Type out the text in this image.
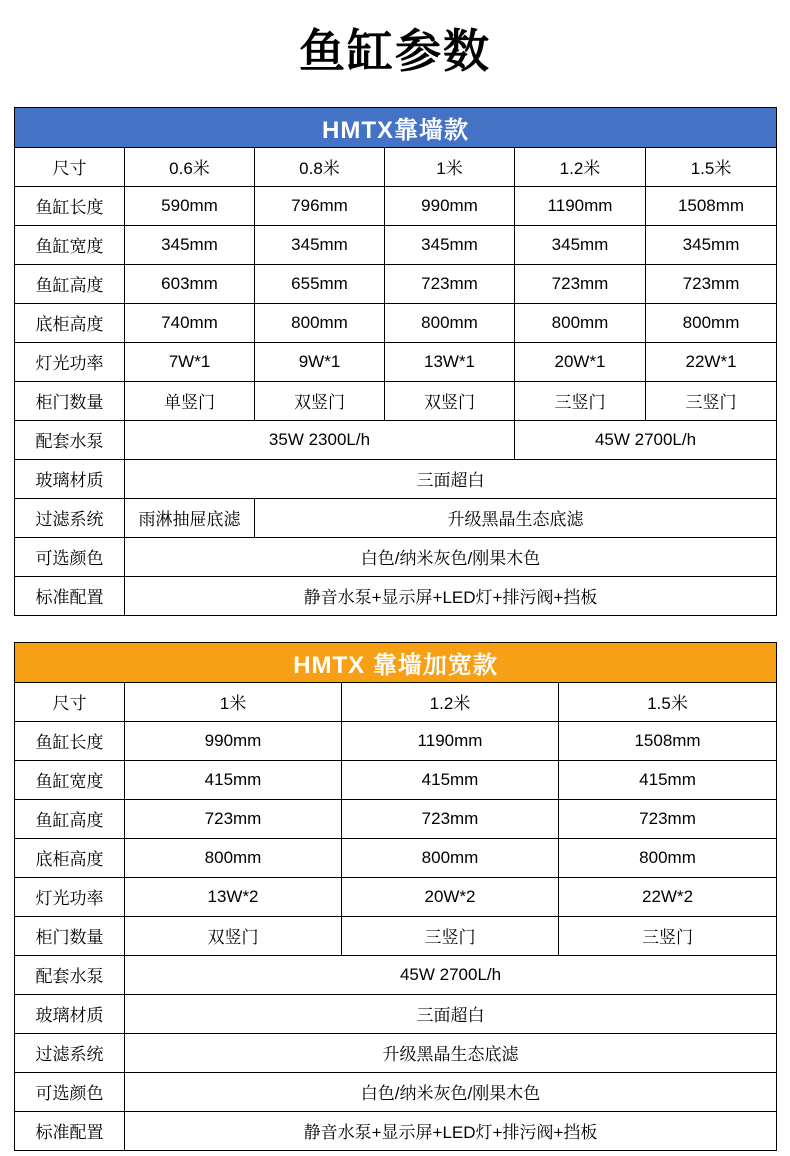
鱼缸参数
HMTX靠墙款					
尺寸	0.6米	0.8米	1米	1.2米	1.5米
鱼缸长度	590mm	796mm	990mm	1190mm	1508mm
鱼缸宽度	345mm	345mm	345mm	345mm	345mm
鱼缸高度	603mm	655mm	723mm	723mm	723mm
底柜高度	740mm	800mm	800mm	800mm	800mm
灯光功率	7W*1	9W*1	13W*1	20W*1	22W*1
柜门数量	单竖门	双竖门	双竖门	三竖门	三竖门
配套水泵	35W 2300L/h			45W 2700L/h	
玻璃材质	三面超白				
过滤系统	雨淋抽屉底滤	升级黑晶生态底滤			
可选颜色	白色/纳米灰色/刚果木色				
标准配置	静音水泵+显示屏+LED灯+排污阀+挡板				
HMTX 靠墙加宽款			
尺寸	1米	1.2米	1.5米
鱼缸长度	990mm	1190mm	1508mm
鱼缸宽度	415mm	415mm	415mm
鱼缸高度	723mm	723mm	723mm
底柜高度	800mm	800mm	800mm
灯光功率	13W*2	20W*2	22W*2
柜门数量	双竖门	三竖门	三竖门
配套水泵	45W 2700L/h		
玻璃材质	三面超白		
过滤系统	升级黑晶生态底滤		
可选颜色	白色/纳米灰色/刚果木色		
标准配置	静音水泵+显示屏+LED灯+排污阀+挡板		
